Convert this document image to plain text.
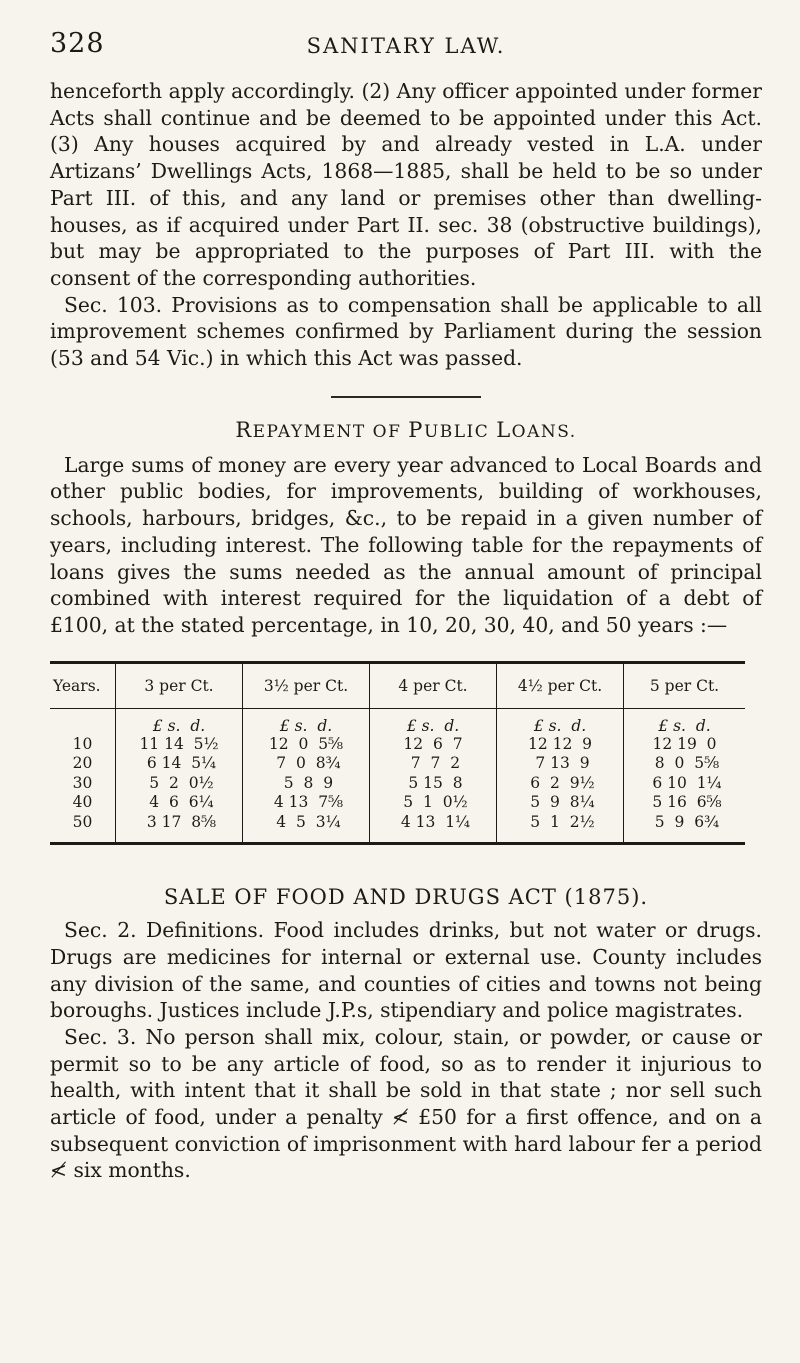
328	SANITARY LAW.

henceforth apply accordingly. (2) Any officer appointed under former Acts shall continue and be deemed to be appointed under this Act. (3) Any houses acquired by and already vested in L.A. under Artizans’ Dwellings Acts, 1868—1885, shall be held to be so under Part III. of this, and any land or premises other than dwelling-houses, as if acquired under Part II. sec. 38 (obstructive buildings), but may be appropriated to the purposes of Part III. with the consent of the corresponding authorities.

Sec. 103. Provisions as to compensation shall be applicable to all improvement schemes confirmed by Parliament during the session (53 and 54 Vic.) in which this Act was passed.

REPAYMENT OF PUBLIC LOANS.

Large sums of money are every year advanced to Local Boards and other public bodies, for improvements, building of workhouses, schools, harbours, bridges, &c., to be repaid in a given number of years, including interest. The following table for the repayments of loans gives the sums needed as the annual amount of principal combined with interest required for the liquidation of a debt of £100, at the stated percentage, in 10, 20, 30, 40, and 50 years :—

Years.	3 per Ct.	3½ per Ct.	4 per Ct.	4½ per Ct.	5 per Ct.
	£ s.  d.	£ s.  d.	£ s.  d.	£ s.  d.	£ s.  d.
10	11 14  5½	12  0  5⅝	12  6  7	12 12  9	12 19  0
20	6 14  5¼	7  0  8¾	7  7  2	7 13  9	8  0  5⅝
30	5  2  0½	5  8  9	5 15  8	6  2  9½	6 10  1¼
40	4  6  6¼	4 13  7⅝	5  1  0½	5  9  8¼	5 16  6⅝
50	3 17  8⅝	4  5  3¼	4 13  1¼	5  1  2½	5  9  6¾
SALE OF FOOD AND DRUGS ACT (1875).

Sec. 2. Definitions. Food includes drinks, but not water or drugs. Drugs are medicines for internal or external use. County includes any division of the same, and counties of cities and towns not being boroughs. Justices include J.P.s, stipendiary and police magistrates.

Sec. 3. No person shall mix, colour, stain, or powder, or cause or permit so to be any article of food, so as to render it injurious to health, with intent that it shall be sold in that state ; nor sell such article of food, under a penalty ≮ £50 for a first offence, and on a subsequent conviction of imprisonment with hard labour fer a period ≮ six months.
